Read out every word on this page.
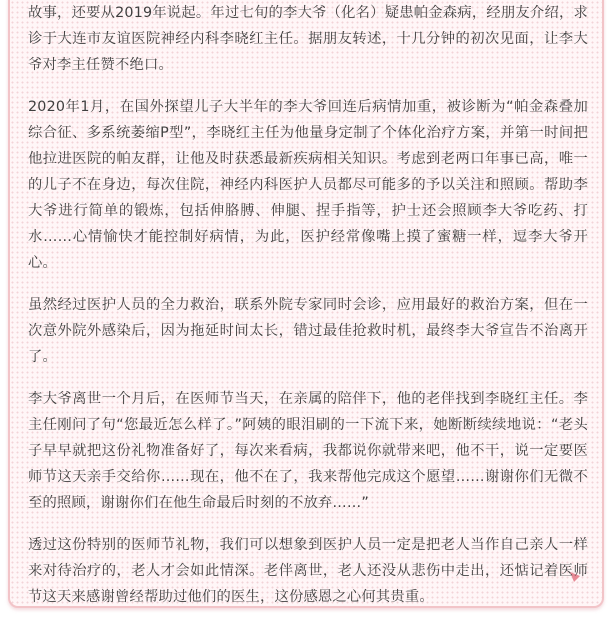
故事，还要从2019年说起。年过七旬的李大爷（化名）疑患帕金森病，经朋友介绍，求诊于大连市友谊医院神经内科李晓红主任。据朋友转述，十几分钟的初次见面，让李大爷对李主任赞不绝口。

2020年1月，在国外探望儿子大半年的李大爷回连后病情加重，被诊断为“帕金森叠加综合征、多系统萎缩P型”，李晓红主任为他量身定制了个体化治疗方案，并第一时间把他拉进医院的帕友群，让他及时获悉最新疾病相关知识。考虑到老两口年事已高，唯一的儿子不在身边，每次住院，神经内科医护人员都尽可能多的予以关注和照顾。帮助李大爷进行简单的锻炼，包括伸胳膊、伸腿、捏手指等，护士还会照顾李大爷吃药、打水……心情愉快才能控制好病情，为此，医护经常像嘴上摸了蜜糖一样，逗李大爷开心。

虽然经过医护人员的全力救治，联系外院专家同时会诊，应用最好的救治方案，但在一次意外院外感染后，因为拖延时间太长，错过最佳抢救时机，最终李大爷宣告不治离开了。

李大爷离世一个月后，在医师节当天，在亲属的陪伴下，他的老伴找到李晓红主任。李主任刚问了句“您最近怎么样了。”阿姨的眼泪刷的一下流下来，她断断续续地说：“老头子早早就把这份礼物准备好了，每次来看病，我都说你就带来吧，他不干，说一定要医师节这天亲手交给你……现在，他不在了，我来帮他完成这个愿望……谢谢你们无微不至的照顾，谢谢你们在他生命最后时刻的不放弃……”

透过这份特别的医师节礼物，我们可以想象到医护人员一定是把老人当作自己亲人一样来对待治疗的，老人才会如此情深。老伴离世，老人还没从悲伤中走出，还惦记着医师节这天来感谢曾经帮助过他们的医生，这份感恩之心何其贵重。
